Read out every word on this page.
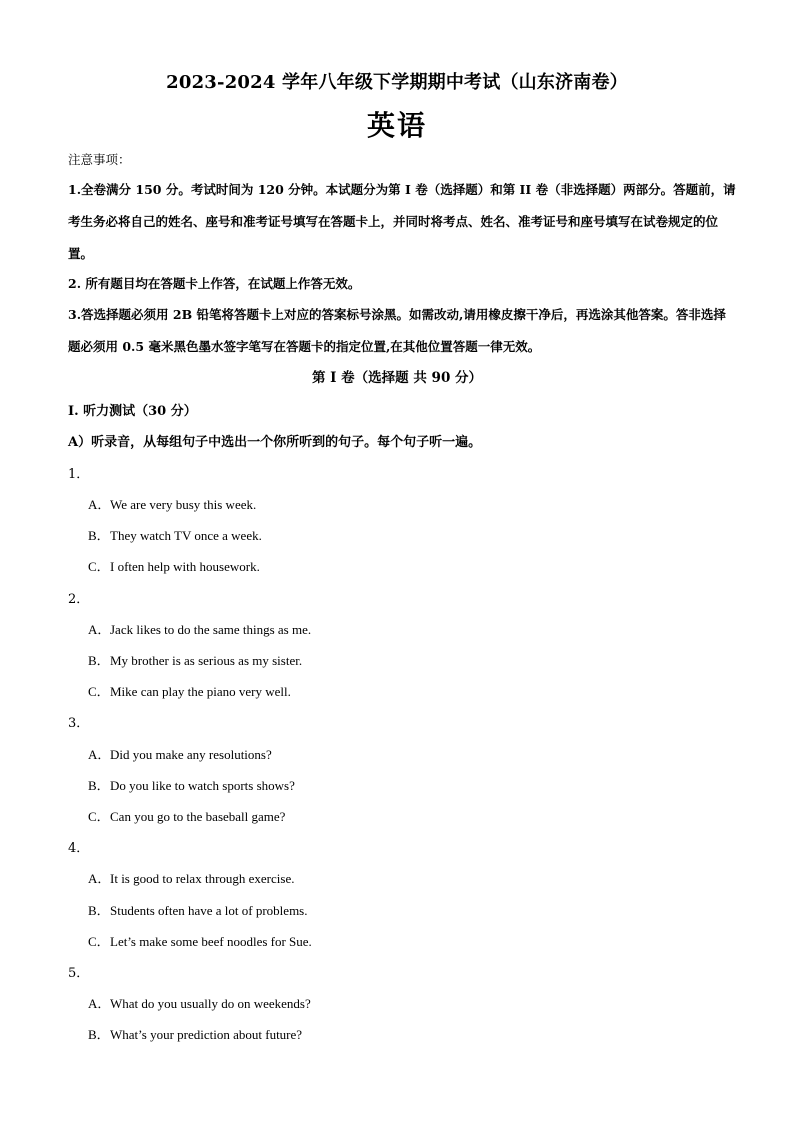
2023-2024 学年八年级下学期期中考试（山东济南卷）
英语
注意事项：
1.全卷满分 150 分。考试时间为 120 分钟。本试题分为第 I 卷（选择题）和第 II 卷（非选择题）两部分。答题前，请考生务必将自己的姓名、座号和准考证号填写在答题卡上，并同时将考点、姓名、准考证号和座号填写在试卷规定的位置。
2. 所有题目均在答题卡上作答，在试题上作答无效。
3.答选择题必须用 2B 铅笔将答题卡上对应的答案标号涂黑。如需改动,请用橡皮擦干净后，再选涂其他答案。答非选择题必须用 0.5 毫米黑色墨水签字笔写在答题卡的指定位置,在其他位置答题一律无效。
第 I 卷（选择题 共 90 分）
Ⅰ. 听力测试（30 分）
A）听录音，从每组句子中选出一个你所听到的句子。每个句子听一遍。
1．
A．We are very busy this week.
B．They watch TV once a week.
C．I often help with housework.
2．
A．Jack likes to do the same things as me.
B．My brother is as serious as my sister.
C．Mike can play the piano very well.
3．
A．Did you make any resolutions?
B．Do you like to watch sports shows?
C．Can you go to the baseball game?
4．
A．It is good to relax through exercise.
B．Students often have a lot of problems.
C．Let’s make some beef noodles for Sue.
5．
A．What do you usually do on weekends?
B．What’s your prediction about future?
